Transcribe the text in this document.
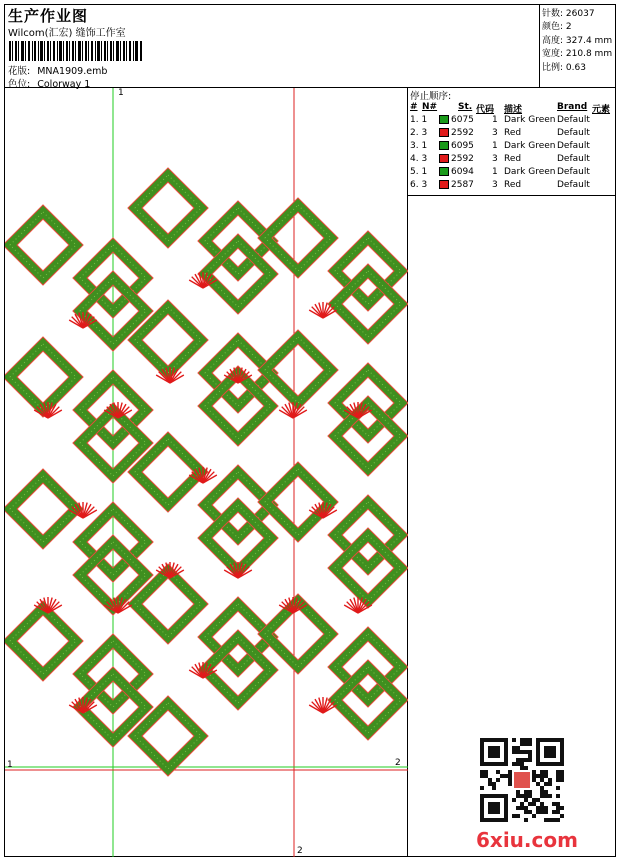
生产作业图
Wilcom(汇宏) 缝饰工作室
花版: MNA1909.emb
色位: Colorway 1
针数: 26037
颜色: 2
高度: 327.4 mm
宽度: 210.8 mm
比例: 0.63
1
1	2
2
停止顺序:
# N# St. 代码 描述	Brand 元素
1. 1	6075 1 Dark Green Default
2. 3	2592 3 Red	Default
3. 1	6095 1 Dark Green Default
4. 3	2592 3 Red	Default
5. 1	6094 1 Dark Green Default
6. 3	2587 3 Red	Default
6xiu.com
